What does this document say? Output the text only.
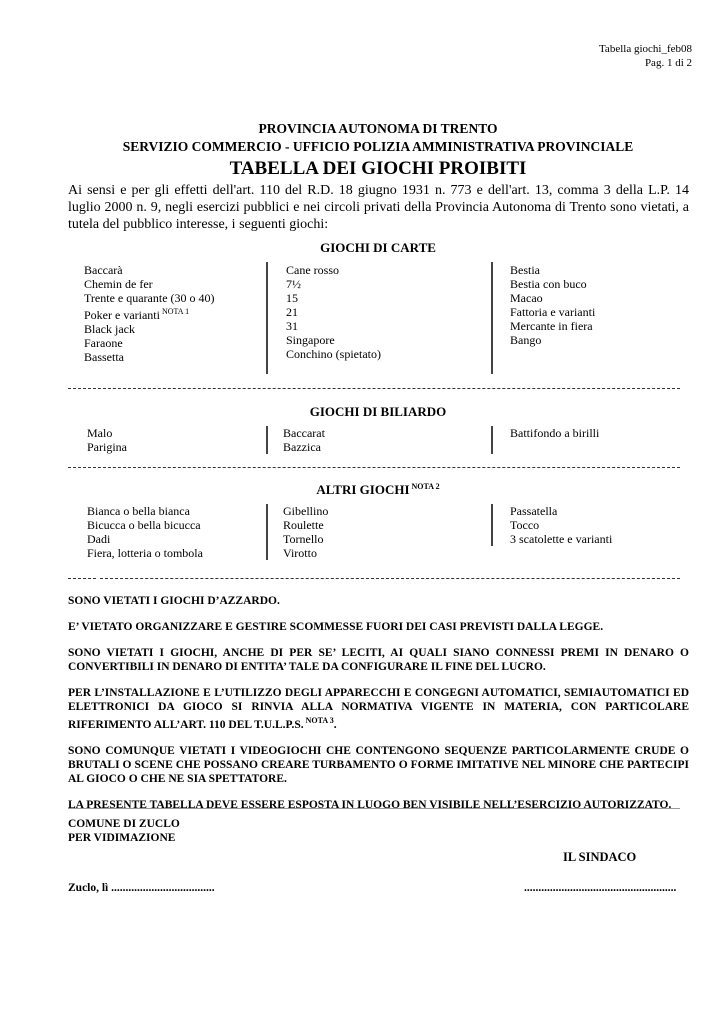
Tabella giochi_feb08
Pag. 1 di 2
PROVINCIA AUTONOMA DI TRENTO
SERVIZIO COMMERCIO - UFFICIO POLIZIA AMMINISTRATIVA PROVINCIALE
TABELLA DEI GIOCHI PROIBITI
Ai sensi e per gli effetti dell'art. 110 del R.D. 18 giugno 1931 n. 773 e dell'art. 13, comma 3 della L.P. 14 luglio 2000 n. 9, negli esercizi pubblici e nei circoli privati della Provincia Autonoma di Trento sono vietati, a tutela del pubblico interesse, i seguenti giochi:
GIOCHI DI CARTE
Baccarà
Chemin de fer
Trente e quarante (30 o 40)
Poker e varianti $^{NOTA 1}$
Black jack
Faraone
Bassetta
Cane rosso
7½
15
21
31
Singapore
Conchino (spietato)
Bestia
Bestia con buco
Macao
Fattoria e varianti
Mercante in fiera
Bango
GIOCHI DI BILIARDO
Malo
Parigina
Baccarat
Bazzica
Battifondo a birilli
ALTRI GIOCHI $^{NOTA 2}$
Bianca o bella bianca
Bicucca o bella bicucca
Dadi
Fiera, lotteria o tombola
Gibellino
Roulette
Tornello
Virotto
Passatella
Tocco
3 scatolette e varianti

SONO VIETATI I GIOCHI D’AZZARDO.

E’ VIETATO ORGANIZZARE E GESTIRE SCOMMESSE FUORI DEI CASI PREVISTI DALLA LEGGE.

SONO VIETATI I GIOCHI, ANCHE DI PER SE’ LECITI, AI QUALI SIANO CONNESSI PREMI IN DENARO O CONVERTIBILI IN DENARO DI ENTITA’ TALE DA CONFIGURARE IL FINE DEL LUCRO.

PER L’INSTALLAZIONE E L’UTILIZZO DEGLI APPARECCHI E CONGEGNI AUTOMATICI, SEMIAUTOMATICI ED ELETTRONICI DA GIOCO SI RINVIA ALLA NORMATIVA VIGENTE IN MATERIA, CON PARTICOLARE RIFERIMENTO ALL’ART. 110 DEL T.U.L.P.S. $^{NOTA 3}$.

SONO COMUNQUE VIETATI I VIDEOGIOCHI CHE CONTENGONO SEQUENZE PARTICOLARMENTE CRUDE O BRUTALI O SCENE CHE POSSANO CREARE TURBAMENTO O FORME IMITATIVE NEL MINORE CHE PARTECIPI AL GIOCO O CHE NE SIA SPETTATORE.

LA PRESENTE TABELLA DEVE ESSERE ESPOSTA IN LUOGO BEN VISIBILE NELL’ESERCIZIO AUTORIZZATO.

COMUNE DI ZUCLO
PER VIDIMAZIONE
IL SINDACO
Zuclo, lì ....................................	.....................................................
